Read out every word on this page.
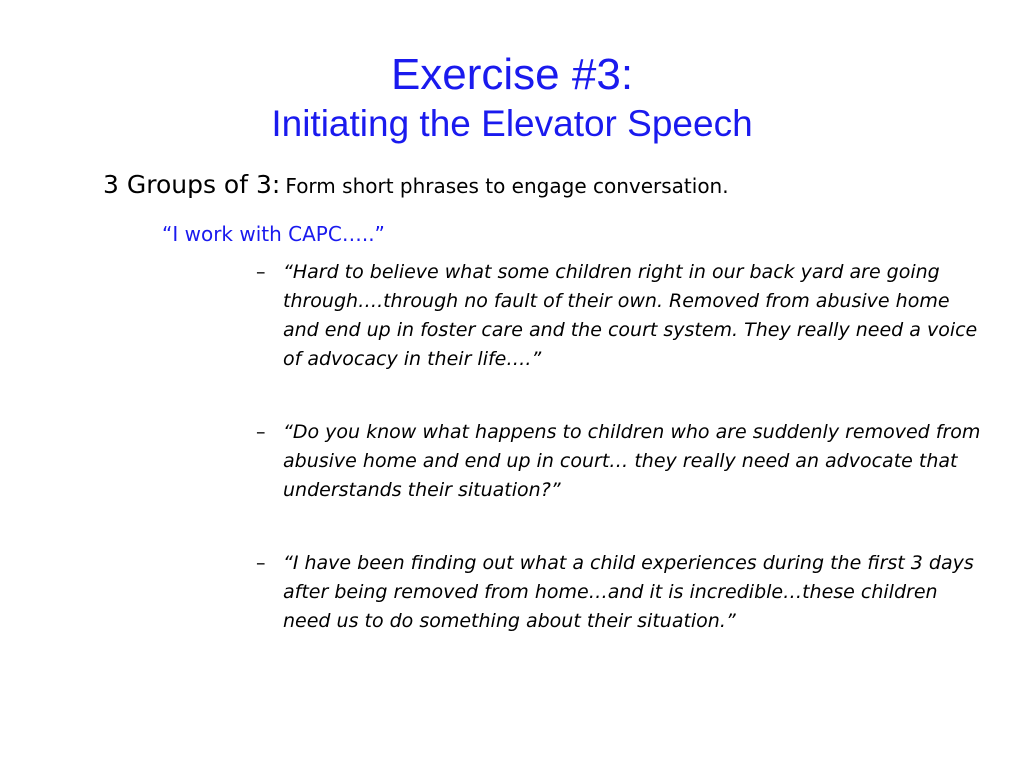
Exercise #3:
Initiating the Elevator Speech
3 Groups of 3: Form short phrases to engage conversation.
“I work with CAPC…..”
– “Hard to believe what some children right in our back yard are going through….through no fault of their own. Removed from abusive home and end up in foster care and the court system. They really need a voice of advocacy in their life….”
– “Do you know what happens to children who are suddenly removed from abusive home and end up in court… they really need an advocate that understands their situation?”
– “I have been finding out what a child experiences during the first 3 days after being removed from home…and it is incredible…these children need us to do something about their situation.”
